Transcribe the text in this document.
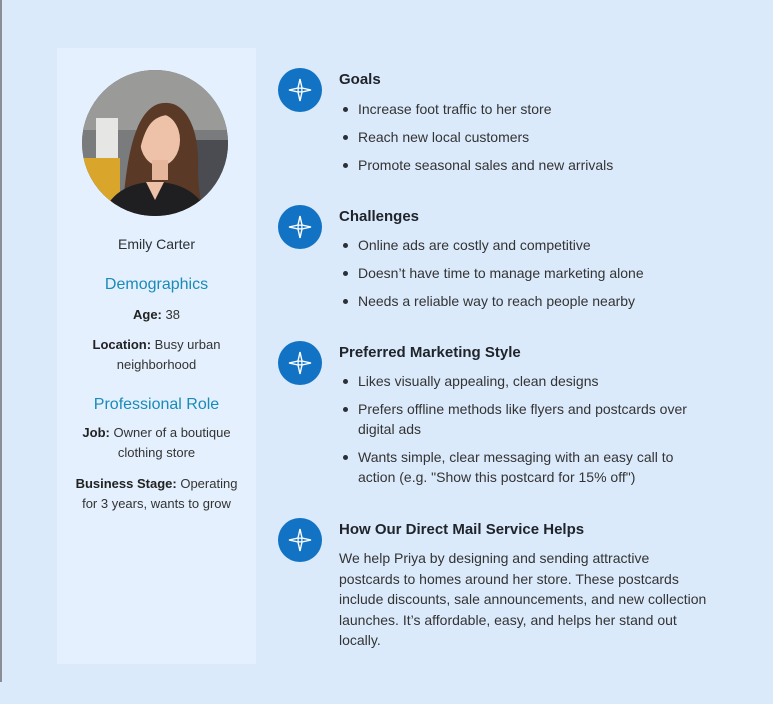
Emily Carter
Demographics
Age: 38
Location: Busy urban neighborhood
Professional Role
Job: Owner of a boutique clothing store
Business Stage: Operating for 3 years, wants to grow
Goals
Increase foot traffic to her store
Reach new local customers
Promote seasonal sales and new arrivals
Challenges
Online ads are costly and competitive
Doesn’t have time to manage marketing alone
Needs a reliable way to reach people nearby
Preferred Marketing Style
Likes visually appealing, clean designs
Prefers offline methods like flyers and postcards over digital ads
Wants simple, clear messaging with an easy call to action (e.g. "Show this postcard for 15% off")
How Our Direct Mail Service Helps
We help Priya by designing and sending attractive postcards to homes around her store. These postcards include discounts, sale announcements, and new collection launches. It’s affordable, easy, and helps her stand out locally.
